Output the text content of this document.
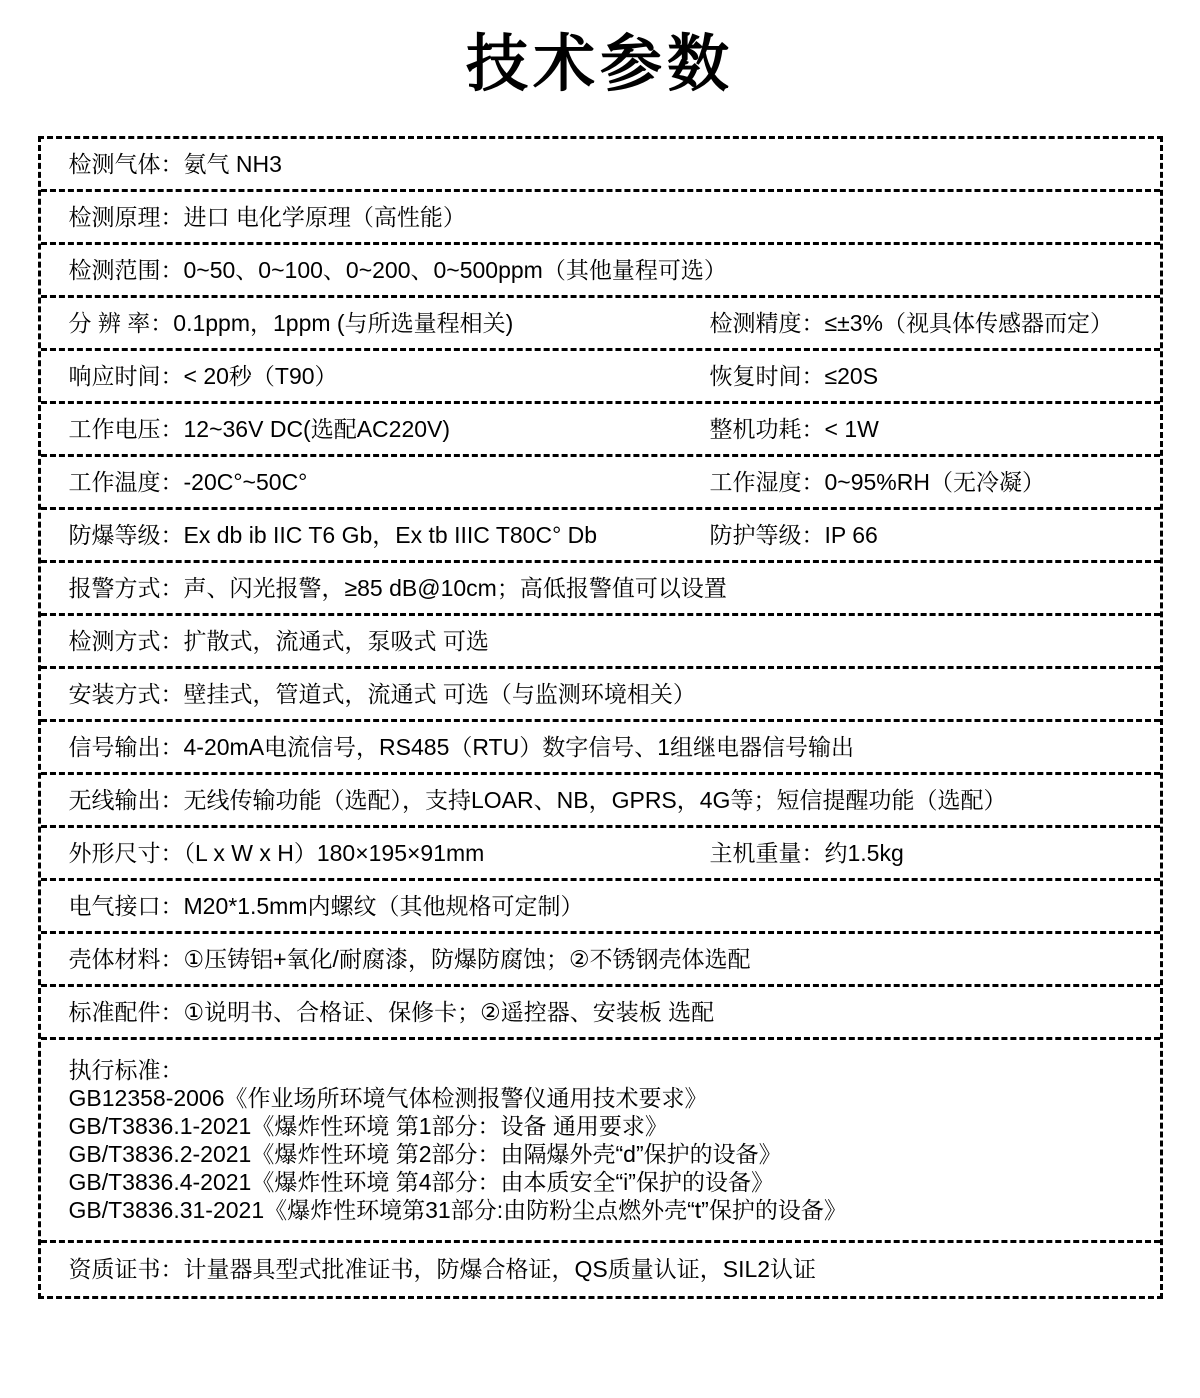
技术参数
检测气体：氨气 NH3
检测原理：进口 电化学原理（高性能）
检测范围：0~50、0~100、0~200、0~500ppm（其他量程可选）
分 辨 率：0.1ppm，1ppm (与所选量程相关)	检测精度：≤±3%（视具体传感器而定）
响应时间：< 20秒（T90）	恢复时间：≤20S
工作电压：12~36V DC(选配AC220V)	整机功耗：< 1W
工作温度：-20C°~50C°	工作湿度：0~95%RH（无冷凝）
防爆等级：Ex db ib IIC T6 Gb，Ex tb IIIC T80C° Db	防护等级：IP 66
报警方式：声、闪光报警，≥85 dB@10cm；高低报警值可以设置
检测方式：扩散式，流通式，泵吸式 可选
安装方式：壁挂式，管道式，流通式 可选（与监测环境相关）
信号输出：4-20mA电流信号，RS485（RTU）数字信号、1组继电器信号输出
无线输出：无线传输功能（选配），支持LOAR、NB，GPRS，4G等；短信提醒功能（选配）
外形尺寸：（L x W x H）180×195×91mm	主机重量：约1.5kg
电气接口：M20*1.5mm内螺纹（其他规格可定制）
壳体材料：①压铸铝+氧化/耐腐漆，防爆防腐蚀；②不锈钢壳体选配
标准配件：①说明书、合格证、保修卡；②遥控器、安装板 选配
执行标准：
GB12358-2006《作业场所环境气体检测报警仪通用技术要求》
GB/T3836.1-2021《爆炸性环境 第1部分：设备 通用要求》
GB/T3836.2-2021《爆炸性环境 第2部分：由隔爆外壳“d”保护的设备》
GB/T3836.4-2021《爆炸性环境 第4部分：由本质安全“i”保护的设备》
GB/T3836.31-2021《爆炸性环境第31部分:由防粉尘点燃外壳“t”保护的设备》
资质证书：计量器具型式批准证书，防爆合格证，QS质量认证，SIL2认证
